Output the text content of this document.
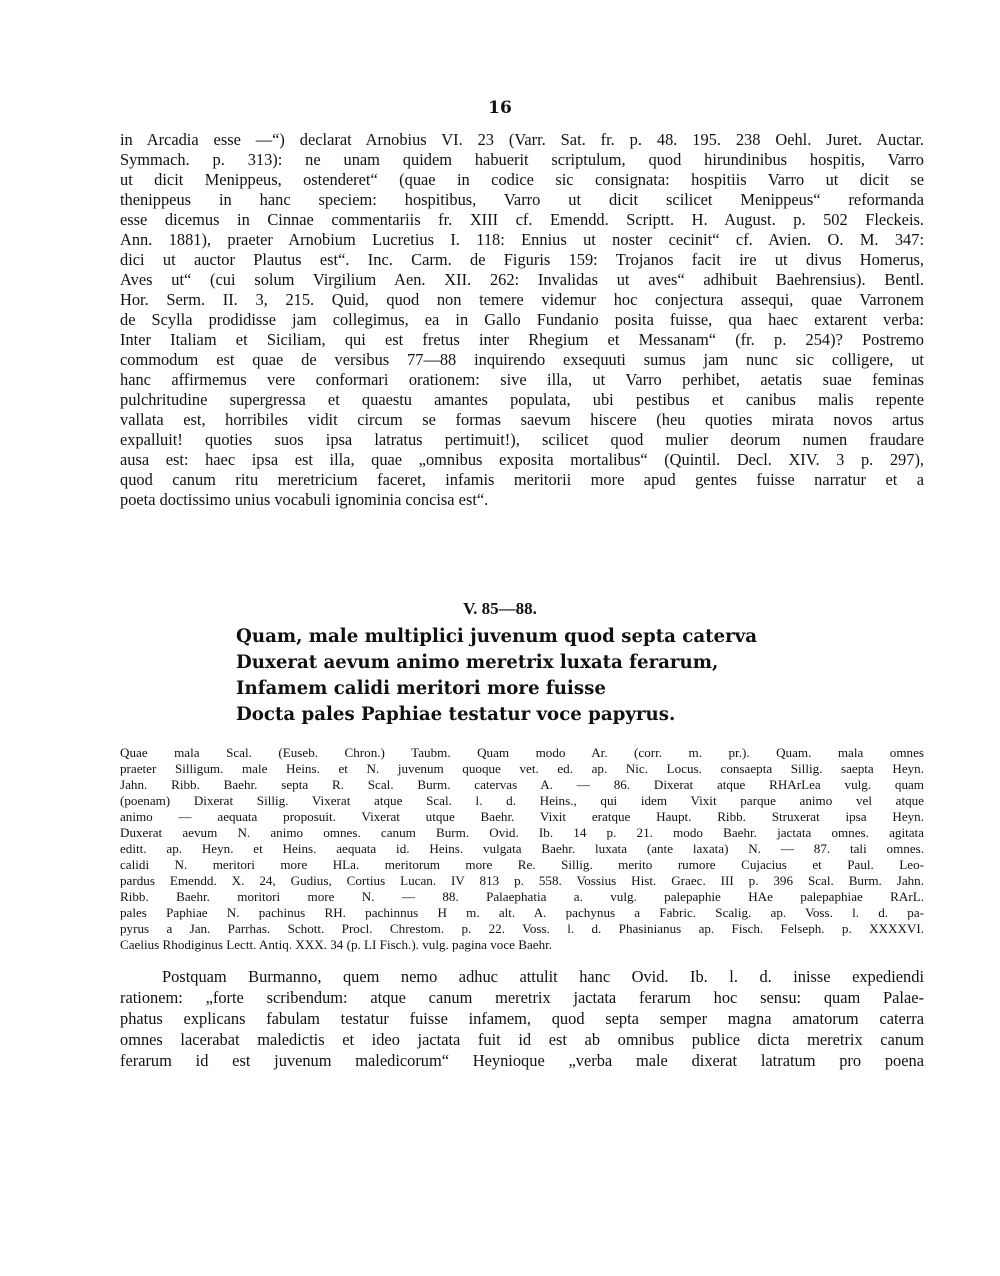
16

in Arcadia esse —“) declarat Arnobius VI. 23 (Varr. Sat. fr. p. 48. 195. 238 Oehl. Juret. Auctar.

Symmach. p. 313): ne unam quidem habuerit scriptulum, quod hirundinibus hospitis, Varro

ut dicit Menippeus, ostenderet“ (quae in codice sic consignata: hospitiis Varro ut dicit se

thenippeus in hanc speciem: hospitibus, Varro ut dicit scilicet Menippeus“ reformanda

esse dicemus in Cinnae commentariis fr. XIII cf. Emendd. Scriptt. H. August. p. 502 Fleckeis.

Ann. 1881), praeter Arnobium Lucretius I. 118: Ennius ut noster cecinit“ cf. Avien. O. M. 347:

dici ut auctor Plautus est“. Inc. Carm. de Figuris 159: Trojanos facit ire ut divus Homerus,

Aves ut“ (cui solum Virgilium Aen. XII. 262: Invalidas ut aves“ adhibuit Baehrensius). Bentl.

Hor. Serm. II. 3, 215. Quid, quod non temere videmur hoc conjectura assequi, quae Varronem

de Scylla prodidisse jam collegimus, ea in Gallo Fundanio posita fuisse, qua haec extarent verba:

Inter Italiam et Siciliam, qui est fretus inter Rhegium et Messanam“ (fr. p. 254)? Postremo

commodum est quae de versibus 77—88 inquirendo exsequuti sumus jam nunc sic colligere, ut

hanc affirmemus vere conformari orationem: sive illa, ut Varro perhibet, aetatis suae feminas

pulchritudine supergressa et quaestu amantes populata, ubi pestibus et canibus malis repente

vallata est, horribiles vidit circum se formas saevum hiscere (heu quoties mirata novos artus

expalluit! quoties suos ipsa latratus pertimuit!), scilicet quod mulier deorum numen fraudare

ausa est: haec ipsa est illa, quae „omnibus exposita mortalibus“ (Quintil. Decl. XIV. 3 p. 297),

quod canum ritu meretricium faceret, infamis meritorii more apud gentes fuisse narratur et a

poeta doctissimo unius vocabuli ignominia concisa est“.

V. 85—88.

Quam, male multiplici juvenum quod septa caterva

Duxerat aevum animo meretrix luxata ferarum,

Infamem calidi meritori more fuisse

Docta pales Paphiae testatur voce papyrus.

Quae mala Scal. (Euseb. Chron.) Taubm. Quam modo Ar. (corr. m. pr.). Quam. mala omnes

praeter Silligum. male Heins. et N. juvenum quoque vet. ed. ap. Nic. Locus. consaepta Sillig. saepta Heyn.

Jahn. Ribb. Baehr. septa R. Scal. Burm. catervas A. — 86. Dixerat atque RHArLea vulg. quam

(poenam) Dixerat Sillig. Vixerat atque Scal. l. d. Heins., qui idem Vixit parque animo vel atque

animo — aequata proposuit. Vixerat utque Baehr. Vixit eratque Haupt. Ribb. Struxerat ipsa Heyn.

Duxerat aevum N. animo omnes. canum Burm. Ovid. Ib. 14 p. 21. modo Baehr. jactata omnes. agitata

editt. ap. Heyn. et Heins. aequata id. Heins. vulgata Baehr. luxata (ante laxata) N. — 87. tali omnes.

calidi N. meritori more HLa. meritorum more Re. Sillig. merito rumore Cujacius et Paul. Leo-

pardus Emendd. X. 24, Gudius, Cortius Lucan. IV 813 p. 558. Vossius Hist. Graec. III p. 396 Scal. Burm. Jahn.

Ribb. Baehr. moritori more N. — 88. Palaephatia a. vulg. palepaphie HAe palepaphiae RArL.

pales Paphiae N. pachinus RH. pachinnus H m. alt. A. pachynus a Fabric. Scalig. ap. Voss. l. d. pa-

pyrus a Jan. Parrhas. Schott. Procl. Chrestom. p. 22. Voss. l. d. Phasinianus ap. Fisch. Felseph. p. XXXXVI.

Caelius Rhodiginus Lectt. Antiq. XXX. 34 (p. LI Fisch.). vulg. pagina voce Baehr.

Postquam Burmanno, quem nemo adhuc attulit hanc Ovid. Ib. l. d. inisse expediendi

rationem: „forte scribendum: atque canum meretrix jactata ferarum hoc sensu: quam Palae-

phatus explicans fabulam testatur fuisse infamem, quod septa semper magna amatorum caterra

omnes lacerabat maledictis et ideo jactata fuit id est ab omnibus publice dicta meretrix canum

ferarum id est juvenum maledicorum“ Heynioque „verba male dixerat latratum pro poena
